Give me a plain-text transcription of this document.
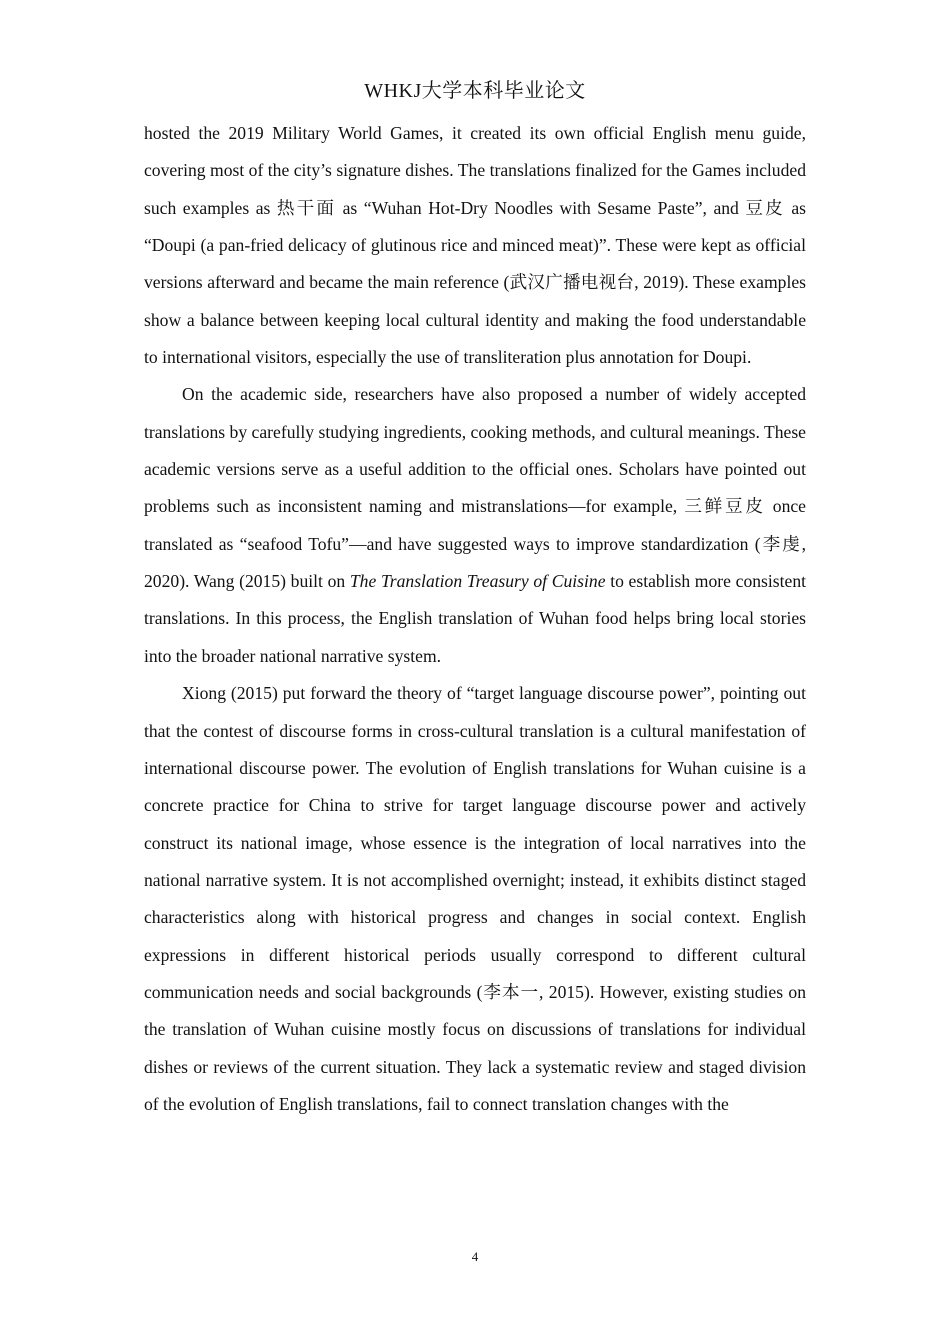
WHKJ大学本科毕业论文

hosted the 2019 Military World Games, it created its own official English menu guide, covering most of the city’s signature dishes. The translations finalized for the Games included such examples as 热干面 as “Wuhan Hot-Dry Noodles with Sesame Paste”, and 豆皮 as “Doupi (a pan-fried delicacy of glutinous rice and minced meat)”. These were kept as official versions afterward and became the main reference (武汉广播电视台, 2019). These examples show a balance between keeping local cultural identity and making the food understandable to international visitors, especially the use of transliteration plus annotation for Doupi.

On the academic side, researchers have also proposed a number of widely accepted translations by carefully studying ingredients, cooking methods, and cultural meanings. These academic versions serve as a useful addition to the official ones. Scholars have pointed out problems such as inconsistent naming and mistranslations—for example, 三鲜豆皮 once translated as “seafood Tofu”—and have suggested ways to improve standardization (李虔, 2020). Wang (2015) built on The Translation Treasury of Cuisine to establish more consistent translations. In this process, the English translation of Wuhan food helps bring local stories into the broader national narrative system.

Xiong (2015) put forward the theory of “target language discourse power”, pointing out that the contest of discourse forms in cross-cultural translation is a cultural manifestation of international discourse power. The evolution of English translations for Wuhan cuisine is a concrete practice for China to strive for target language discourse power and actively construct its national image, whose essence is the integration of local narratives into the national narrative system. It is not accomplished overnight; instead, it exhibits distinct staged characteristics along with historical progress and changes in social context. English expressions in different historical periods usually correspond to different cultural communication needs and social backgrounds (李本一, 2015). However, existing studies on the translation of Wuhan cuisine mostly focus on discussions of translations for individual dishes or reviews of the current situation. They lack a systematic review and staged division of the evolution of English translations, fail to connect translation changes with the

4
